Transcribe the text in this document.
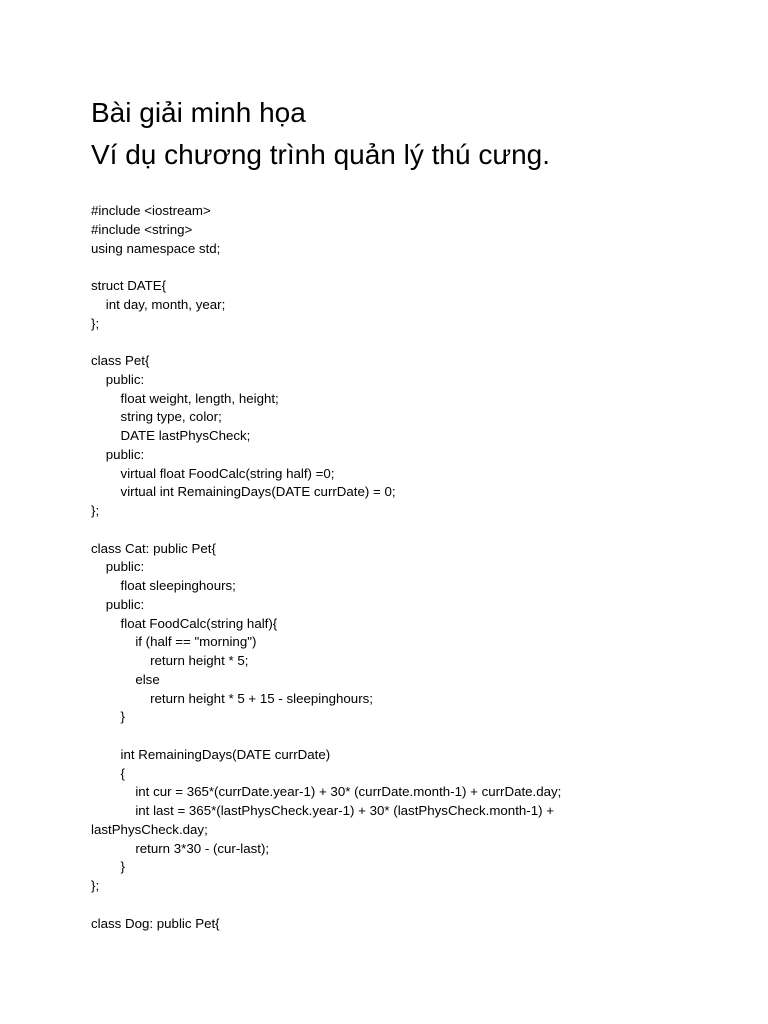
Bài giải minh họa
Ví dụ chương trình quản lý thú cưng.
#include <iostream>
#include <string>
using namespace std;
struct DATE{
int day, month, year;
};
class Pet{
public:
float weight, length, height;
string type, color;
DATE lastPhysCheck;
public:
virtual float FoodCalc(string half) =0;
virtual int RemainingDays(DATE currDate) = 0;
};
class Cat: public Pet{
public:
float sleepinghours;
public:
float FoodCalc(string half){
if (half == "morning")
return height * 5;
else
return height * 5 + 15 - sleepinghours;
}
int RemainingDays(DATE currDate)
{
int cur = 365*(currDate.year-1) + 30* (currDate.month-1) + currDate.day;
int last = 365*(lastPhysCheck.year-1) + 30* (lastPhysCheck.month-1) +
lastPhysCheck.day;
return 3*30 - (cur-last);
}
};
class Dog: public Pet{
